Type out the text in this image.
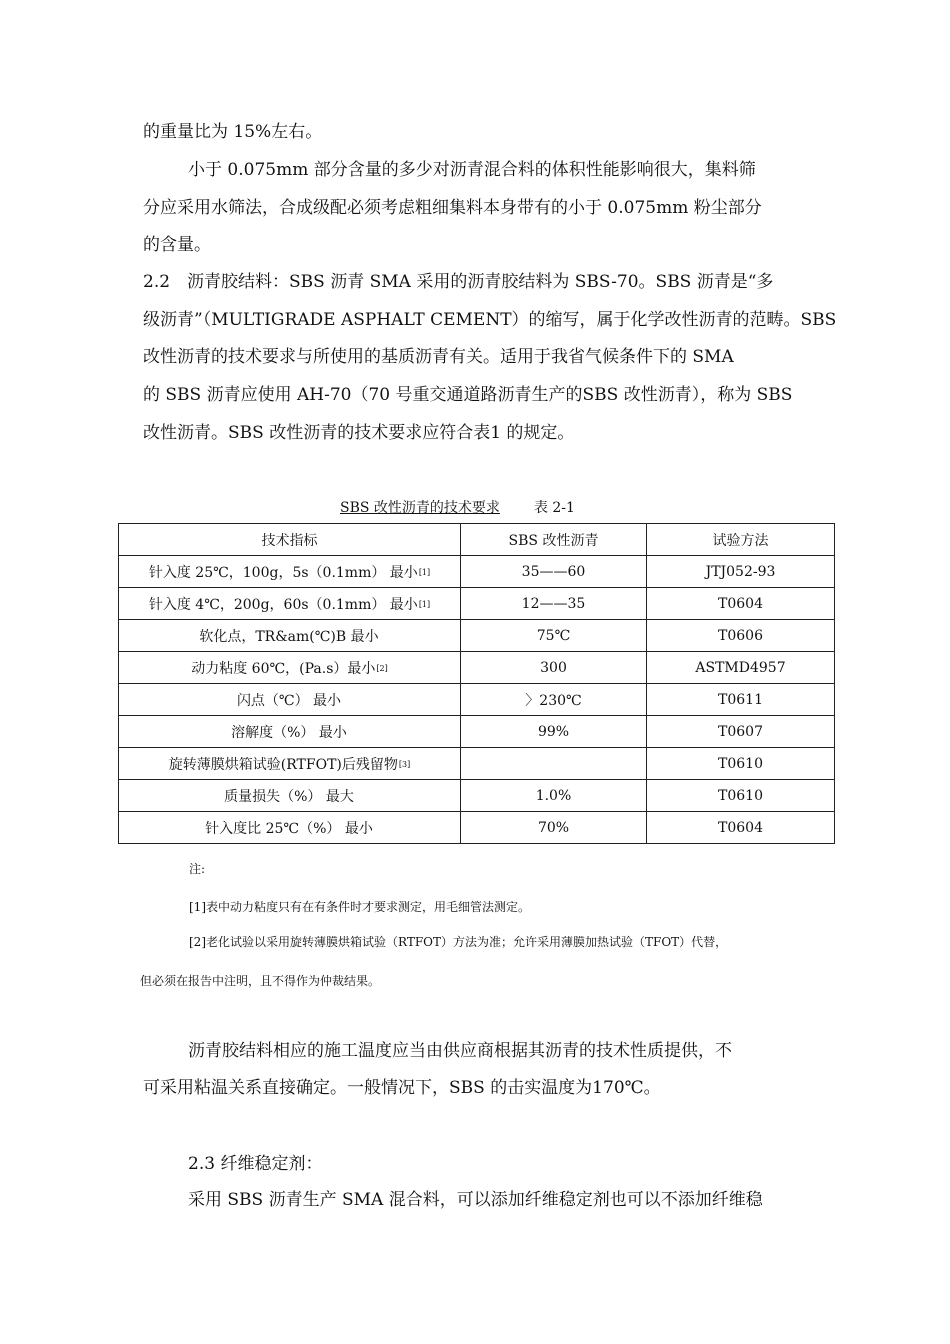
的重量比为 15%左右。
小于 0.075mm 部分含量的多少对沥青混合料的体积性能影响很大，集料筛
分应采用水筛法，合成级配必须考虑粗细集料本身带有的小于 0.075mm 粉尘部分
的含量。
2.2　沥青胶结料：SBS 沥青 SMA 采用的沥青胶结料为 SBS-70。SBS 沥青是“多
级沥青”（MULTIGRADE ASPHALT CEMENT）的缩写，属于化学改性沥青的范畴。SBS
改性沥青的技术要求与所使用的基质沥青有关。适用于我省气候条件下的 SMA
的 SBS 沥青应使用 AH-70（70 号重交通道路沥青生产的SBS 改性沥青），称为 SBS
改性沥青。SBS 改性沥青的技术要求应符合表1 的规定。
SBS 改性沥青的技术要求 表 2-1
技术指标	SBS 改性沥青	试验方法
针入度 25℃，100g，5s（0.1mm） 最小[1]	35——60	JTJ052-93
针入度 4℃，200g，60s（0.1mm） 最小[1]	12——35	T0604
软化点，TR&am(℃)B 最小	75℃	T0606
动力粘度 60℃，(Pa.s）最小[2]	300	ASTMD4957
闪点（℃） 最小	〉230℃	T0611
溶解度（%） 最小	99%	T0607
旋转薄膜烘箱试验(RTFOT)后残留物[3]		T0610
质量损失（%） 最大	1.0%	T0610
针入度比 25℃（%） 最小	70%	T0604
注:
[1]表中动力粘度只有在有条件时才要求测定，用毛细管法测定。
[2]老化试验以采用旋转薄膜烘箱试验（RTFOT）方法为准；允许采用薄膜加热试验（TFOT）代替，
但必须在报告中注明，且不得作为仲裁结果。
沥青胶结料相应的施工温度应当由供应商根据其沥青的技术性质提供，不
可采用粘温关系直接确定。一般情况下，SBS 的击实温度为170℃。
2.3 纤维稳定剂：
采用 SBS 沥青生产 SMA 混合料，可以添加纤维稳定剂也可以不添加纤维稳
